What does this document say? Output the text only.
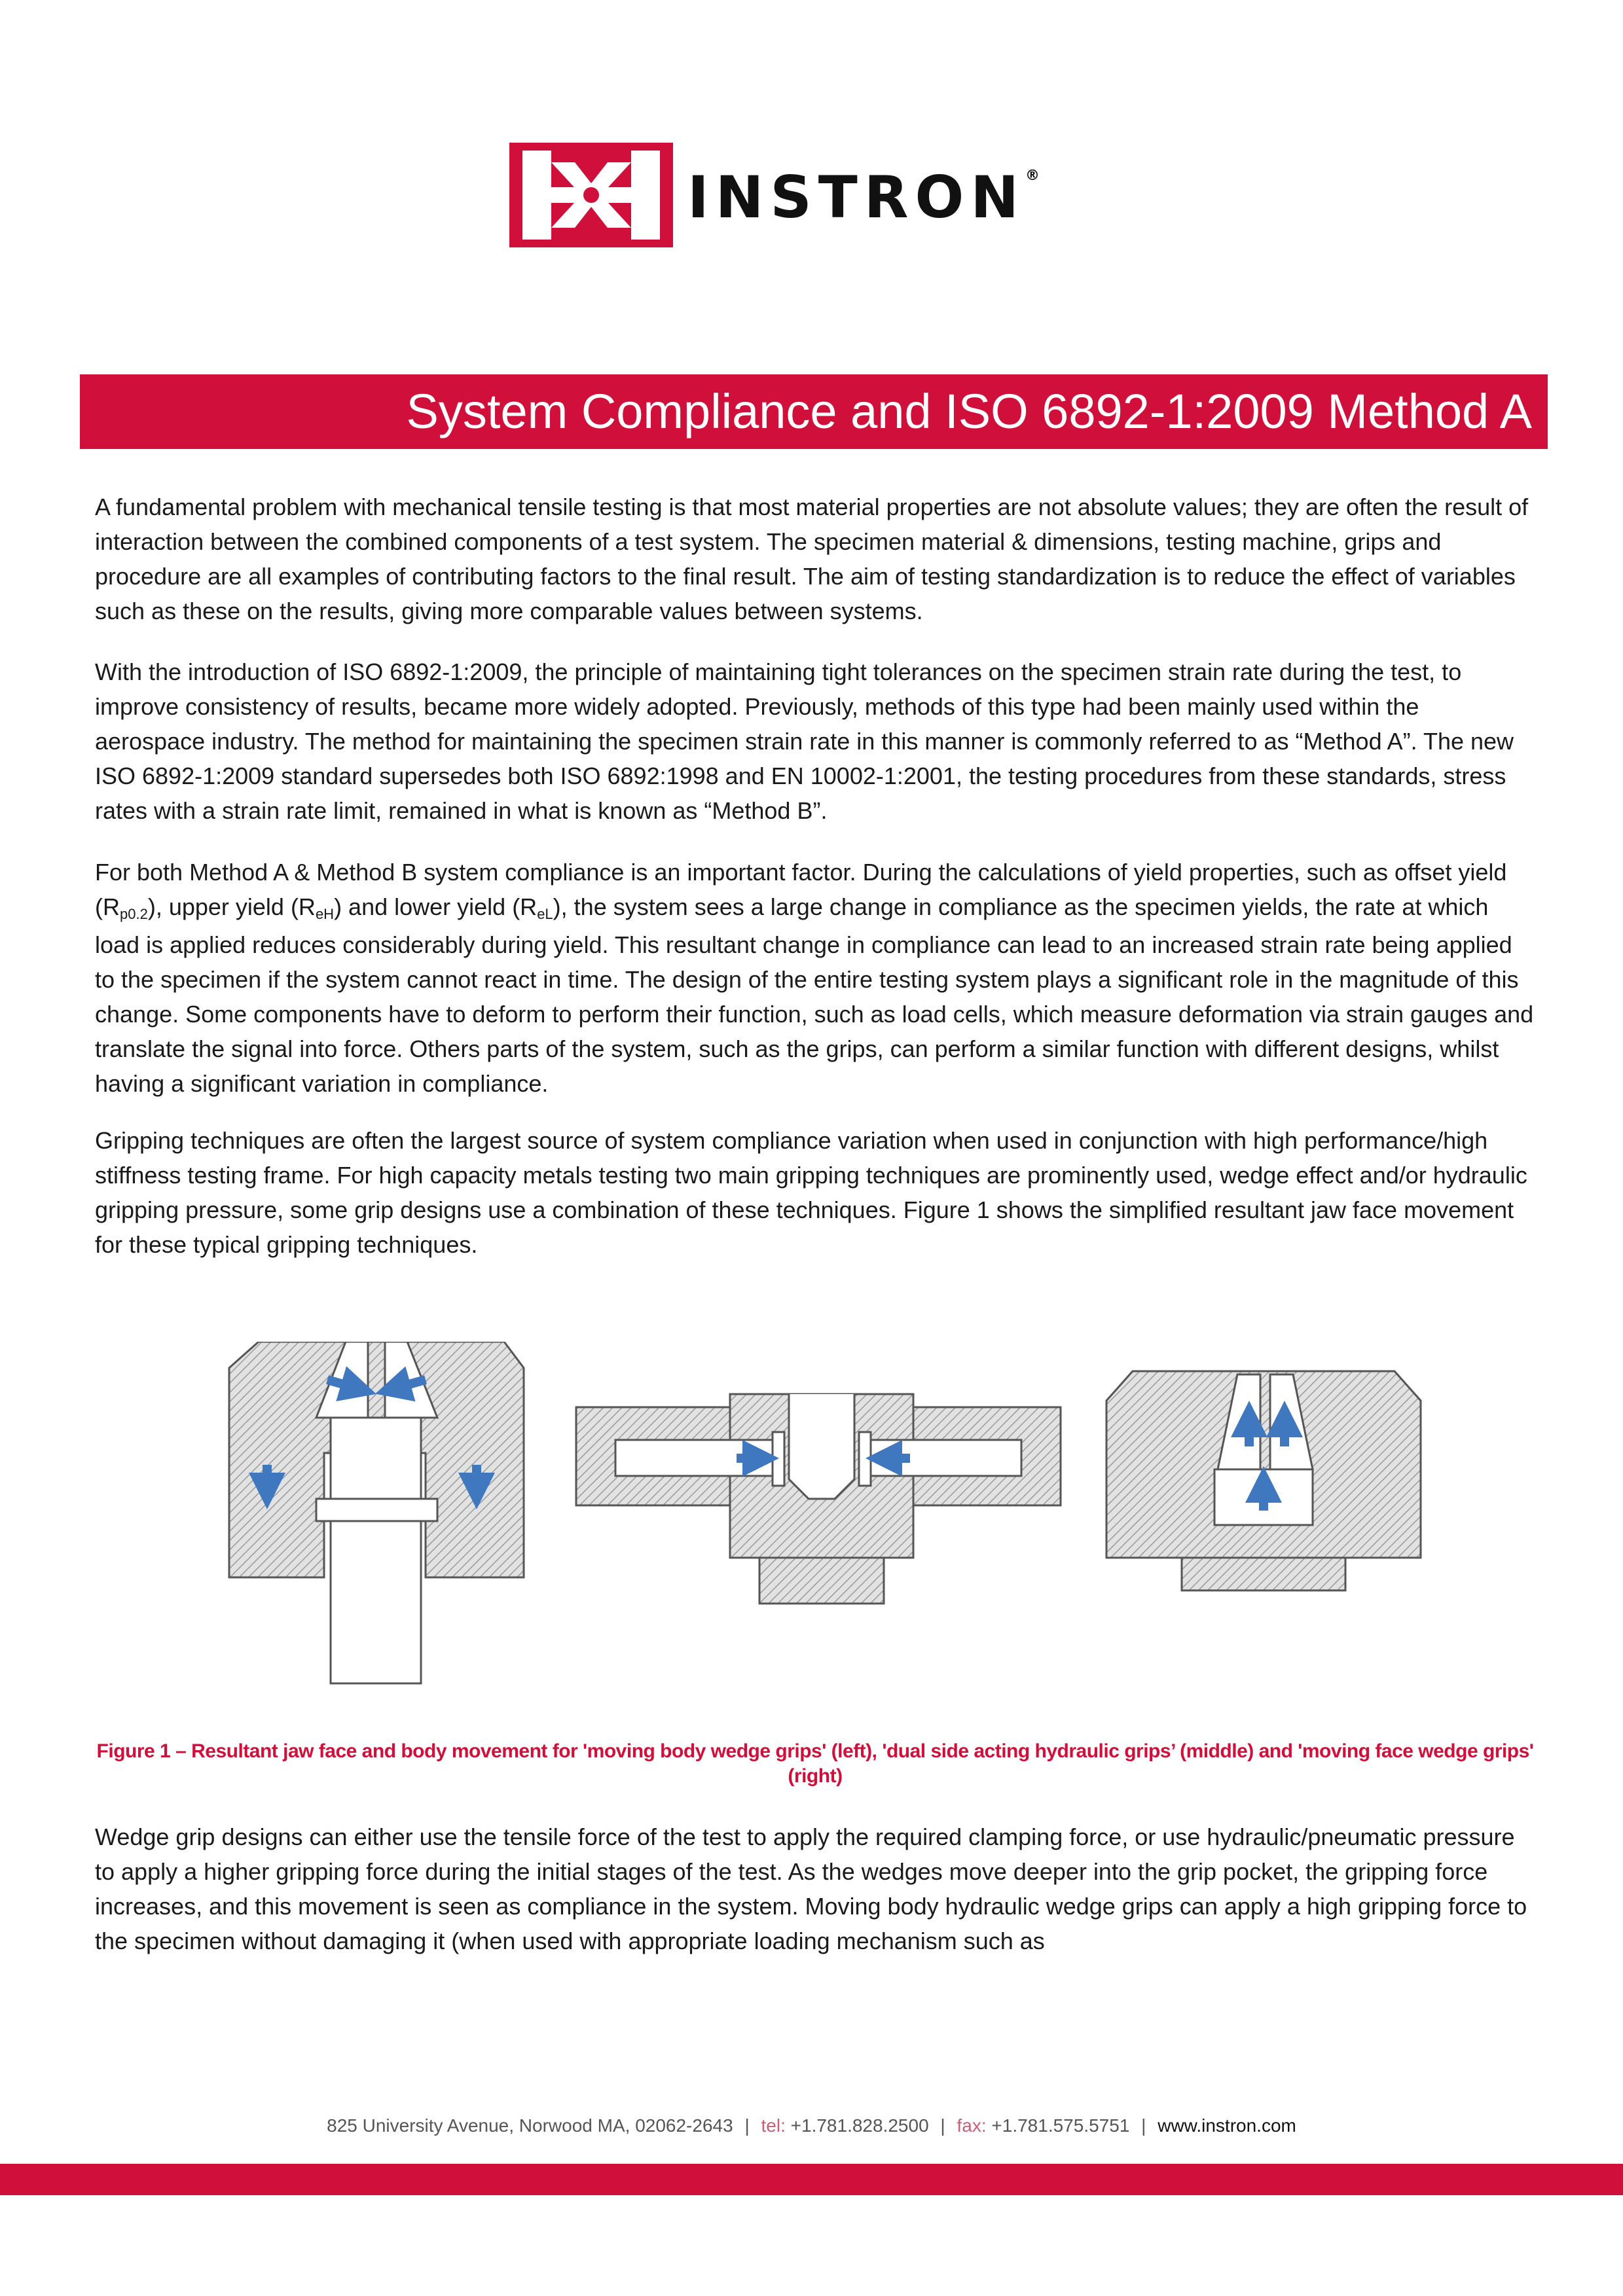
INSTRON®
System Compliance and ISO 6892-1:2009 Method A

A fundamental problem with mechanical tensile testing is that most material properties are not absolute values; they are often the result of interaction between the combined components of a test system. The specimen material & dimensions, testing machine, grips and procedure are all examples of contributing factors to the final result. The aim of testing standardization is to reduce the effect of variables such as these on the results, giving more comparable values between systems.

With the introduction of ISO 6892-1:2009, the principle of maintaining tight tolerances on the specimen strain rate during the test, to improve consistency of results, became more widely adopted. Previously, methods of this type had been mainly used within the aerospace industry. The method for maintaining the specimen strain rate in this manner is commonly referred to as “Method A”. The new ISO 6892-1:2009 standard supersedes both ISO 6892:1998 and EN 10002-1:2001, the testing procedures from these standards, stress rates with a strain rate limit, remained in what is known as “Method B”.

For both Method A & Method B system compliance is an important factor. During the calculations of yield properties, such as offset yield $(R_{p0.2})$, upper yield $(R_{eH})$ and lower yield $(R_{eL})$, the system sees a large change in compliance as the specimen yields, the rate at which load is applied reduces considerably during yield. This resultant change in compliance can lead to an increased strain rate being applied to the specimen if the system cannot react in time. The design of the entire testing system plays a significant role in the magnitude of this change. Some components have to deform to perform their function, such as load cells, which measure deformation via strain gauges and translate the signal into force. Others parts of the system, such as the grips, can perform a similar function with different designs, whilst having a significant variation in compliance.

Gripping techniques are often the largest source of system compliance variation when used in conjunction with high performance/high stiffness testing frame. For high capacity metals testing two main gripping techniques are prominently used, wedge effect and/or hydraulic gripping pressure, some grip designs use a combination of these techniques. Figure 1 shows the simplified resultant jaw face movement for these typical gripping techniques.

Figure 1 – Resultant jaw face and body movement for 'moving body wedge grips' (left), 'dual side acting hydraulic grips’ (middle) and 'moving face wedge grips' (right)

Wedge grip designs can either use the tensile force of the test to apply the required clamping force, or use hydraulic/pneumatic pressure to apply a higher gripping force during the initial stages of the test. As the wedges move deeper into the grip pocket, the gripping force increases, and this movement is seen as compliance in the system. Moving body hydraulic wedge grips can apply a high gripping force to the specimen without damaging it (when used with appropriate loading mechanism such as

825 University Avenue, Norwood MA, 02062-2643 | tel: +1.781.828.2500 | fax: +1.781.575.5751 | www.instron.com
